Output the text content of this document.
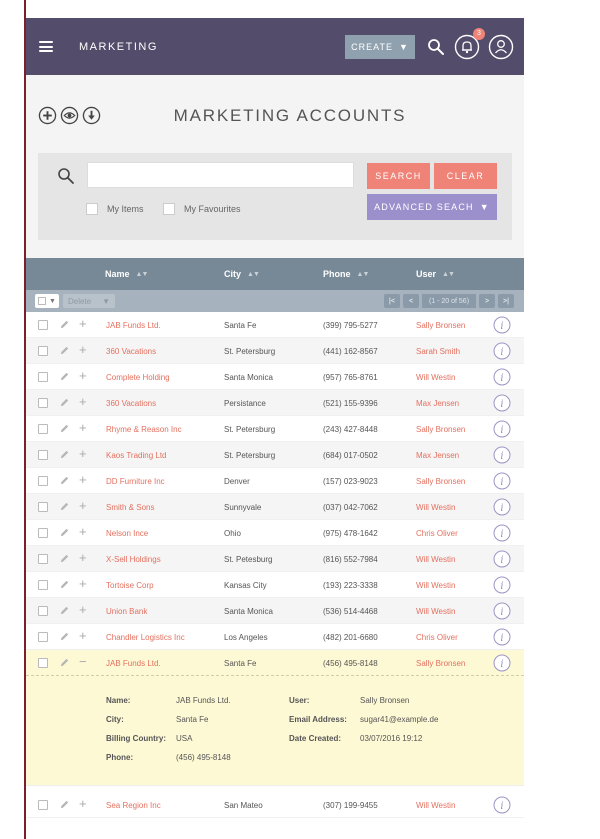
MARKETING	CREATE ▼
3
MARKETING ACCOUNTS
SEARCH	CLEAR
ADVANCED SEACH ▼
My Items	My Favourites
Name ▲▼	City ▲▼	Phone ▲▼	User ▲▼
▼ Delete ▼	|<	<	(1 - 20 of 56)	>	>|
+ JAB Funds Ltd.	Santa Fe	(399) 795-5277	Sally Bronsen	i
+ 360 Vacations	St. Petersburg	(441) 162-8567	Sarah Smith	i
+ Complete Holding	Santa Monica	(957) 765-8761	Will Westin	i
+ 360 Vacations	Persistance	(521) 155-9396	Max Jensen	i
+ Rhyme & Reason Inc	St. Petersburg	(243) 427-8448	Sally Bronsen	i
+ Kaos Trading Ltd	St. Petersburg	(684) 017-0502	Max Jensen	i
+ DD Furniture Inc	Denver	(157) 023-9023	Sally Bronsen	i
+ Smith & Sons	Sunnyvale	(037) 042-7062	Will Westin	i
+ Nelson Ince	Ohio	(975) 478-1642	Chris Oliver	i
+ X-Sell Holdings	St. Petesburg	(816) 552-7984	Will Westin	i
+ Tortoise Corp	Kansas City	(193) 223-3338	Will Westin	i
+ Union Bank	Santa Monica	(536) 514-4468	Will Westin	i
+ Chandler Logistics Inc	Los Angeles	(482) 201-6680	Chris Oliver	i
− JAB Funds Ltd.	Santa Fe	(456) 495-8148	Sally Bronsen	i
Name:	JAB Funds Ltd.
City:	Santa Fe
Billing Country: USA
Phone:	(456) 495-8148
User:	Sally Bronsen
Email Address: sugar41@example.de
Date Created: 03/07/2016 19:12
+ Sea Region Inc	San Mateo	(307) 199-9455	Will Westin	i
